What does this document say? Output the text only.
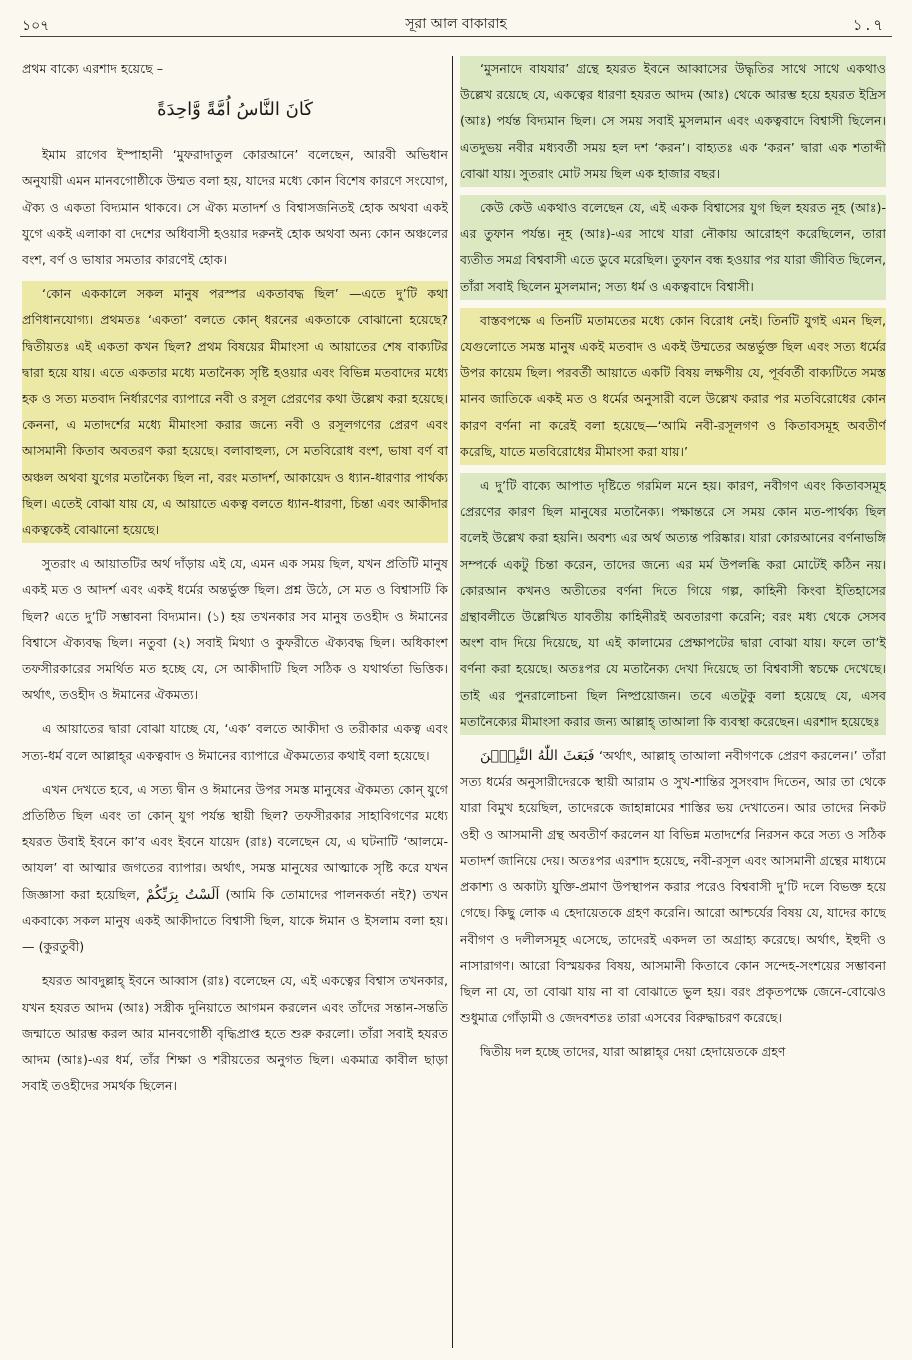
১০৭	সূরা আল বাকারাহ	১.৭

প্রথম বাক্যে এরশাদ হয়েছে –

كَانَ النَّاسُ اُمَّةً وَّاحِدَةً

ইমাম রাগেব ইস্পাহানী ‘মুফরাদাতুল কোরআনে’ বলেছেন, আরবী অভিধান অনুযায়ী এমন মানবগোষ্ঠীকে উম্মত বলা হয়, যাদের মধ্যে কোন বিশেষ কারণে সংযোগ, ঐক্য ও একতা বিদ্যমান থাকবে। সে ঐক্য মতাদর্শ ও বিশ্বাসজনিতই হোক অথবা একই যুগে একই এলাকা বা দেশের অধিবাসী হওয়ার দরুনই হোক অথবা অন্য কোন অঞ্চলের বংশ, বর্ণ ও ভাষার সমতার কারণেই হোক।

‘কোন এককালে সকল মানুষ পরস্পর একতাবদ্ধ ছিল’ —এতে দু’টি কথা প্রণিধানযোগ্য। প্রথমতঃ ‘একতা’ বলতে কোন্ ধরনের একতাকে বোঝানো হয়েছে? দ্বিতীয়তঃ এই একতা কখন ছিল? প্রথম বিষয়ের মীমাংসা এ আয়াতের শেষ বাক্যটির দ্বারা হয়ে যায়। এতে একতার মধ্যে মতানৈক্য সৃষ্টি হওয়ার এবং বিভিন্ন মতবাদের মধ্যে হক ও সত্য মতবাদ নির্ধারণের ব্যাপারে নবী ও রসূল প্রেরণের কথা উল্লেখ করা হয়েছে। কেননা, এ মতাদর্শের মধ্যে মীমাংসা করার জন্যে নবী ও রসূলগণের প্রেরণ এবং আসমানী কিতাব অবতরণ করা হয়েছে। বলাবাহুল্য, সে মতবিরোধ বংশ, ভাষা বর্ণ বা অঞ্চল অথবা যুগের মতানৈক্য ছিল না, বরং মতাদর্শ, আকায়েদ ও ধ্যান-ধারণার পার্থক্য ছিল। এতেই বোঝা যায় যে, এ আয়াতে একত্ব বলতে ধ্যান-ধারণা, চিন্তা এবং আকীদার একত্বকেই বোঝানো হয়েছে।

সুতরাং এ আয়াতটির অর্থ দাঁড়ায় এই যে, এমন এক সময় ছিল, যখন প্রতিটি মানুষ একই মত ও আদর্শ এবং একই ধর্মের অন্তর্ভুক্ত ছিল। প্রশ্ন উঠে, সে মত ও বিশ্বাসটি কি ছিল? এতে দু’টি সম্ভাবনা বিদ্যমান। (১) হয় তখনকার সব মানুষ তওহীদ ও ঈমানের বিশ্বাসে ঐক্যবদ্ধ ছিল। নতুবা (২) সবাই মিথ্যা ও কুফরীতে ঐক্যবদ্ধ ছিল। অধিকাংশ তফসীরকারের সমর্থিত মত হচ্ছে যে, সে আকীদাটি ছিল সঠিক ও যথার্থতা ভিত্তিক। অর্থাৎ, তওহীদ ও ঈমানের ঐকমত্য।

এ আয়াতের দ্বারা বোঝা যাচ্ছে যে, ‘এক’ বলতে আকীদা ও তরীকার একত্ব এবং সত্য-ধর্ম বলে আল্লাহ্‌র একত্ববাদ ও ঈমানের ব্যাপারে ঐকমত্যের কথাই বলা হয়েছে।

এখন দেখতে হবে, এ সত্য দ্বীন ও ঈমানের উপর সমস্ত মানুষের ঐকমত্য কোন্ যুগে প্রতিষ্ঠিত ছিল এবং তা কোন্ যুগ পর্যন্ত স্থায়ী ছিল? তফসীরকার সাহাবিগণের মধ্যে হযরত উবাই ইবনে কা’ব এবং ইবনে যায়েদ (রাঃ) বলেছেন যে, এ ঘটনাটি ‘আলমে-আযল’ বা আত্মার জগতের ব্যাপার। অর্থাৎ, সমস্ত মানুষের আত্মাকে সৃষ্টি করে যখন জিজ্ঞাসা করা হয়েছিল, اَلَسْتُ بِرَبِّكُمْ (আমি কি তোমাদের পালনকর্তা নই?) তখন একবাক্যে সকল মানুষ একই আকীদাতে বিশ্বাসী ছিল, যাকে ঈমান ও ইসলাম বলা হয়।— (কুরতুবী)

হযরত আবদুল্লাহ্ ইবনে আব্বাস (রাঃ) বলেছেন যে, এই একত্বের বিশ্বাস তখনকার, যখন হযরত আদম (আঃ) সস্ত্রীক দুনিয়াতে আগমন করলেন এবং তাঁদের সন্তান-সন্ততি জন্মাতে আরম্ভ করল আর মানবগোষ্ঠী বৃদ্ধিপ্রাপ্ত হতে শুরু করলো। তাঁরা সবাই হযরত আদম (আঃ)-এর ধর্ম, তাঁর শিক্ষা ও শরীয়তের অনুগত ছিল। একমাত্র কাবীল ছাড়া সবাই তওহীদের সমর্থক ছিলেন।

‘মুসনাদে বাযযার’ গ্রন্থে হযরত ইবনে আব্বাসের উদ্ধৃতির সাথে সাথে একথাও উল্লেখ রয়েছে যে, একত্বের ধারণা হযরত আদম (আঃ) থেকে আরম্ভ হয়ে হযরত ইদ্রিস (আঃ) পর্যন্ত বিদ্যমান ছিল। সে সময় সবাই মুসলমান এবং একত্ববাদে বিশ্বাসী ছিলেন। এতদুভয় নবীর মধ্যবর্তী সময় হল দশ ‘করন’। বাহ্যতঃ এক ‘করন’ দ্বারা এক শতাব্দী বোঝা যায়। সুতরাং মোট সময় ছিল এক হাজার বছর।

কেউ কেউ একথাও বলেছেন যে, এই একক বিশ্বাসের যুগ ছিল হযরত নূহ (আঃ)-এর তুফান পর্যন্ত। নূহ (আঃ)-এর সাথে যারা নৌকায় আরোহণ করেছিলেন, তারা ব্যতীত সমগ্র বিশ্ববাসী এতে ডুবে মরেছিল। তুফান বন্ধ হওয়ার পর যারা জীবিত ছিলেন, তাঁরা সবাই ছিলেন মুসলমান; সত্য ধর্ম ও একত্ববাদে বিশ্বাসী।

বাস্তবপক্ষে এ তিনটি মতামতের মধ্যে কোন বিরোধ নেই। তিনটি যুগই এমন ছিল, যেগুলোতে সমস্ত মানুষ একই মতবাদ ও একই উম্মতের অন্তর্ভুক্ত ছিল এবং সত্য ধর্মের উপর কায়েম ছিল। পরবর্তী আয়াতে একটি বিষয় লক্ষণীয় যে, পূর্ববর্তী বাক্যটিতে সমস্ত মানব জাতিকে একই মত ও ধর্মের অনুসারী বলে উল্লেখ করার পর মতবিরোধের কোন কারণ বর্ণনা না করেই বলা হয়েছে—‘আমি নবী-রসূলগণ ও কিতাবসমূহ অবতীর্ণ করেছি, যাতে মতবিরোধের মীমাংসা করা যায়।’

এ দু’টি বাক্যে আপাত দৃষ্টিতে গরমিল মনে হয়। কারণ, নবীগণ এবং কিতাবসমূহ প্রেরণের কারণ ছিল মানুষের মতানৈক্য। পক্ষান্তরে সে সময় কোন মত-পার্থক্য ছিল বলেই উল্লেখ করা হয়নি। অবশ্য এর অর্থ অত্যন্ত পরিষ্কার। যারা কোরআনের বর্ণনাভঙ্গি সম্পর্কে একটু চিন্তা করেন, তাদের জন্যে এর মর্ম উপলব্ধি করা মোটেই কঠিন নয়। কোরআন কখনও অতীতের বর্ণনা দিতে গিয়ে গল্প, কাহিনী কিংবা ইতিহাসের গ্রন্থাবলীতে উল্লেখিত যাবতীয় কাহিনীরই অবতারণা করেনি; বরং মধ্য থেকে সেসব অংশ বাদ দিয়ে দিয়েছে, যা এই কালামের প্রেক্ষাপটের দ্বারা বোঝা যায়। ফলে তা’ই বর্ণনা করা হয়েছে। অতঃপর যে মতানৈক্য দেখা দিয়েছে তা বিশ্ববাসী স্বচক্ষে দেখেছে। তাই এর পুনরালোচনা ছিল নিষ্প্রয়োজন। তবে এতটুকু বলা হয়েছে যে, এসব মতানৈক্যের মীমাংসা করার জন্য আল্লাহ্ তাআলা কি ব্যবস্থা করেছেন। এরশাদ হয়েছেঃ

فَبَعَثَ اللّٰهُ النَّبِيّٖنَ ‘অর্থাৎ, আল্লাহ্ তাআলা নবীগণকে প্রেরণ করলেন।’ তাঁরা সত্য ধর্মের অনুসারীদেরকে স্থায়ী আরাম ও সুখ-শান্তির সুসংবাদ দিতেন, আর তা থেকে যারা বিমুখ হয়েছিল, তাদেরকে জাহান্নামের শাস্তির ভয় দেখাতেন। আর তাদের নিকট ওহী ও আসমানী গ্রন্থ অবতীর্ণ করলেন যা বিভিন্ন মতাদর্শের নিরসন করে সত্য ও সঠিক মতাদর্শ জানিয়ে দেয়। অতঃপর এরশাদ হয়েছে, নবী-রসূল এবং আসমানী গ্রন্থের মাধ্যমে প্রকাশ্য ও অকাট্য যুক্তি-প্রমাণ উপস্থাপন করার পরেও বিশ্ববাসী দু’টি দলে বিভক্ত হয়ে গেছে। কিছু লোক এ হেদায়েতকে গ্রহণ করেনি। আরো আশ্চর্যের বিষয় যে, যাদের কাছে নবীগণ ও দলীলসমূহ এসেছে, তাদেরই একদল তা অগ্রাহ্য করেছে। অর্থাৎ, ইহুদী ও নাসারাগণ। আরো বিস্ময়কর বিষয়, আসমানী কিতাবে কোন সন্দেহ-সংশয়ের সম্ভাবনা ছিল না যে, তা বোঝা যায় না বা বোঝাতে ভুল হয়। বরং প্রকৃতপক্ষে জেনে-বোঝেও শুধুমাত্র গোঁড়ামী ও জেদবশতঃ তারা এসবের বিরুদ্ধাচরণ করেছে।

দ্বিতীয় দল হচ্ছে তাদের, যারা আল্লাহ্‌র দেয়া হেদায়েতকে গ্রহণ
